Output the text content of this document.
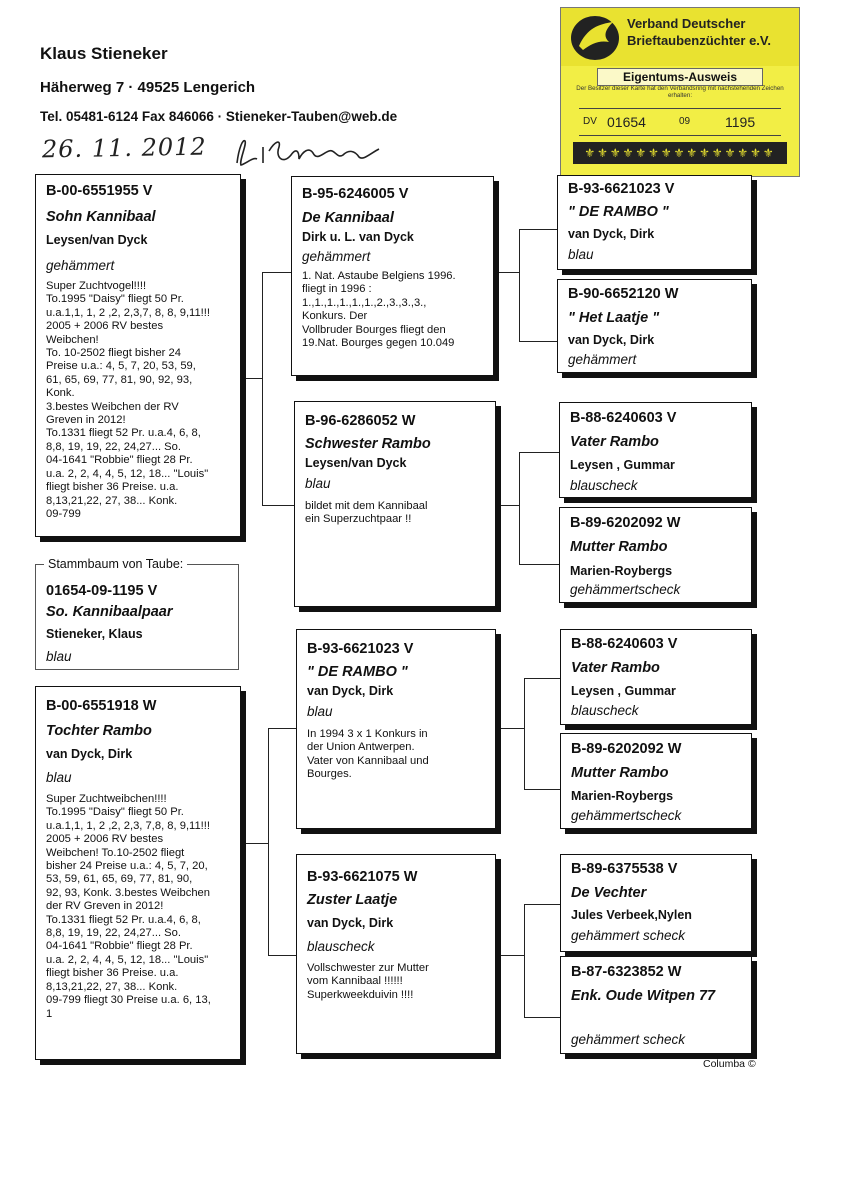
Klaus Stieneker
Häherweg 7 · 49525 Lengerich
Tel. 05481-6124 Fax 846066 · Stieneker-Tauben@web.de
26. 11. 2012
Verband Deutscher
Brieftaubenzüchter e.V.
Eigentums-Ausweis
Der Besitzer dieser Karte hat den Verbandsring mit nachstehenden Zeichen erhalten:
DV 01654	09 1195
⚜⚜⚜⚜⚜⚜⚜⚜⚜⚜⚜⚜⚜⚜⚜
B-00-6551955 V
Sohn Kannibaal
Leysen/van Dyck
gehämmert
Super Zuchtvogel!!!!
To.1995 "Daisy" fliegt 50 Pr.
u.a.1,1, 1, 2 ,2, 2,3,7, 8, 8, 9,11!!!
2005 + 2006 RV bestes
Weibchen!
To. 10-2502 fliegt bisher 24
Preise u.a.: 4, 5, 7, 20, 53, 59,
61, 65, 69, 77, 81, 90, 92, 93,
Konk.
3.bestes Weibchen der RV
Greven in 2012!
To.1331 fliegt 52 Pr. u.a.4, 6, 8,
8,8, 19, 19, 22, 24,27... So.
04-1641 "Robbie" fliegt 28 Pr.
u.a. 2, 2, 4, 4, 5, 12, 18... "Louis"
fliegt bisher 36 Preise. u.a.
8,13,21,22, 27, 38... Konk.
09-799
01654-09-1195 V
So. Kannibaalpaar
Stieneker, Klaus
blau
Stammbaum von Taube:
B-00-6551918 W
Tochter Rambo
van Dyck, Dirk
blau
Super Zuchtweibchen!!!!
To.1995 "Daisy" fliegt 50 Pr.
u.a.1,1, 1, 2 ,2, 2,3, 7,8, 8, 9,11!!!
2005 + 2006 RV bestes
Weibchen! To.10-2502 fliegt
bisher 24 Preise u.a.: 4, 5, 7, 20,
53, 59, 61, 65, 69, 77, 81, 90,
92, 93, Konk. 3.bestes Weibchen
der RV Greven in 2012!
To.1331 fliegt 52 Pr. u.a.4, 6, 8,
8,8, 19, 19, 22, 24,27... So.
04-1641 "Robbie" fliegt 28 Pr.
u.a. 2, 2, 4, 4, 5, 12, 18... "Louis"
fliegt bisher 36 Preise. u.a.
8,13,21,22, 27, 38... Konk.
09-799 fliegt 30 Preise u.a. 6, 13,
1
B-95-6246005 V
De Kannibaal
Dirk u. L. van Dyck
gehämmert
1. Nat. Astaube Belgiens 1996.
fliegt in 1996 :
1.,1.,1.,1.,1.,1.,2.,3.,3.,3.,
Konkurs. Der
Vollbruder Bourges fliegt den
19.Nat. Bourges gegen 10.049
B-96-6286052 W
Schwester Rambo
Leysen/van Dyck
blau
bildet mit dem Kannibaal
ein Superzuchtpaar !!
B-93-6621023 V
" DE RAMBO "
van Dyck, Dirk
blau
In 1994 3 x 1 Konkurs in
der Union Antwerpen.
Vater von Kannibaal und
Bourges.
B-93-6621075 W
Zuster Laatje
van Dyck, Dirk
blauscheck
Vollschwester zur Mutter
vom Kannibaal !!!!!!
Superkweekduivin !!!!
B-93-6621023 V
" DE RAMBO "
van Dyck, Dirk
blau
B-90-6652120 W
" Het Laatje "
van Dyck, Dirk
gehämmert
B-88-6240603 V
Vater Rambo
Leysen , Gummar
blauscheck
B-89-6202092 W
Mutter Rambo
Marien-Roybergs
gehämmertscheck
B-88-6240603 V
Vater Rambo
Leysen , Gummar
blauscheck
B-89-6202092 W
Mutter Rambo
Marien-Roybergs
gehämmertscheck
B-89-6375538 V
De Vechter
Jules Verbeek,Nylen
gehämmert scheck
B-87-6323852 W
Enk. Oude Witpen 77
gehämmert scheck
Columba ©
